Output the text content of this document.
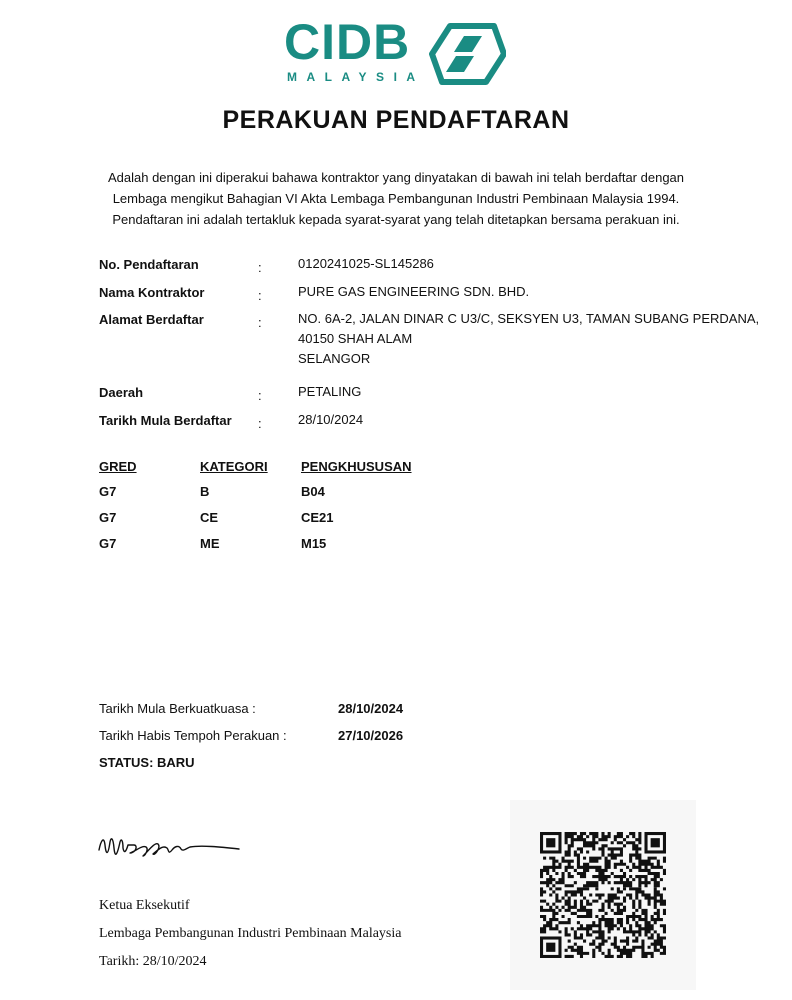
CIDB
MALAYSIA
PERAKUAN PENDAFTARAN

Adalah dengan ini diperakui bahawa kontraktor yang dinyatakan di bawah ini telah berdaftar dengan
Lembaga mengikut Bahagian VI Akta Lembaga Pembangunan Industri Pembinaan Malaysia 1994.
Pendaftaran ini adalah tertakluk kepada syarat-syarat yang telah ditetapkan bersama perakuan ini.

No. Pendaftaran	:	0120241025-SL145286
Nama Kontraktor	:	PURE GAS ENGINEERING SDN. BHD.
Alamat Berdaftar	:	NO. 6A-2, JALAN DINAR C U3/C, SEKSYEN U3, TAMAN SUBANG PERDANA,
40150 SHAH ALAM
SELANGOR
Daerah	:	PETALING
Tarikh Mula Berdaftar :	28/10/2024
GRED	KATEGORI	PENGKHUSUSAN
G7	B	B04
G7	CE	CE21
G7	ME	M15
Tarikh Mula Berkuatkuasa :	28/10/2024
Tarikh Habis Tempoh Perakuan :	27/10/2026
STATUS: BARU
Ketua Eksekutif
Lembaga Pembangunan Industri Pembinaan Malaysia
Tarikh: 28/10/2024
